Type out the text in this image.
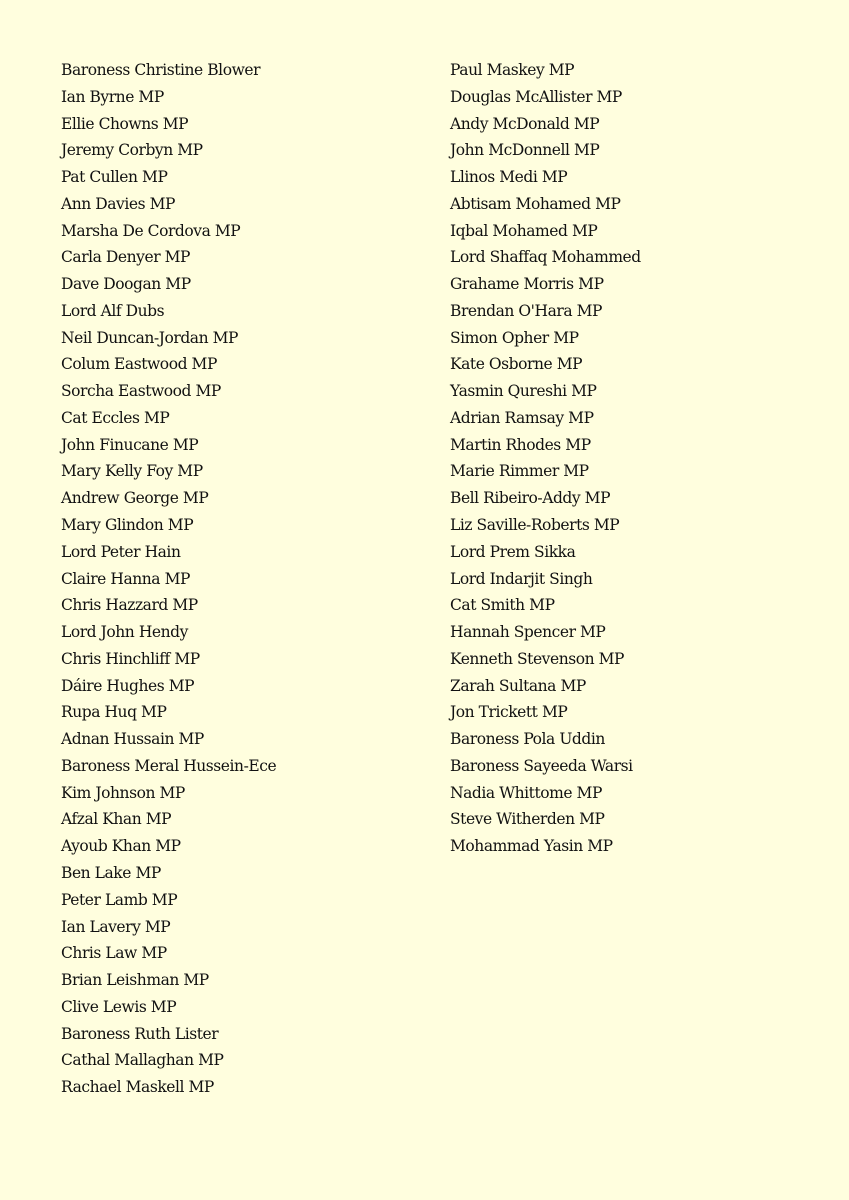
Baroness Christine Blower
Ian Byrne MP
Ellie Chowns MP
Jeremy Corbyn MP
Pat Cullen MP
Ann Davies MP
Marsha De Cordova MP
Carla Denyer MP
Dave Doogan MP
Lord Alf Dubs
Neil Duncan-Jordan MP
Colum Eastwood MP
Sorcha Eastwood MP
Cat Eccles MP
John Finucane MP
Mary Kelly Foy MP
Andrew George MP
Mary Glindon MP
Lord Peter Hain
Claire Hanna MP
Chris Hazzard MP
Lord John Hendy
Chris Hinchliff MP
Dáire Hughes MP
Rupa Huq MP
Adnan Hussain MP
Baroness Meral Hussein-Ece
Kim Johnson MP
Afzal Khan MP
Ayoub Khan MP
Ben Lake MP
Peter Lamb MP
Ian Lavery MP
Chris Law MP
Brian Leishman MP
Clive Lewis MP
Baroness Ruth Lister
Cathal Mallaghan MP
Rachael Maskell MP
Paul Maskey MP
Douglas McAllister MP
Andy McDonald MP
John McDonnell MP
Llinos Medi MP
Abtisam Mohamed MP
Iqbal Mohamed MP
Lord Shaffaq Mohammed
Grahame Morris MP
Brendan O'Hara MP
Simon Opher MP
Kate Osborne MP
Yasmin Qureshi MP
Adrian Ramsay MP
Martin Rhodes MP
Marie Rimmer MP
Bell Ribeiro-Addy MP
Liz Saville-Roberts MP
Lord Prem Sikka
Lord Indarjit Singh
Cat Smith MP
Hannah Spencer MP
Kenneth Stevenson MP
Zarah Sultana MP
Jon Trickett MP
Baroness Pola Uddin
Baroness Sayeeda Warsi
Nadia Whittome MP
Steve Witherden MP
Mohammad Yasin MP
